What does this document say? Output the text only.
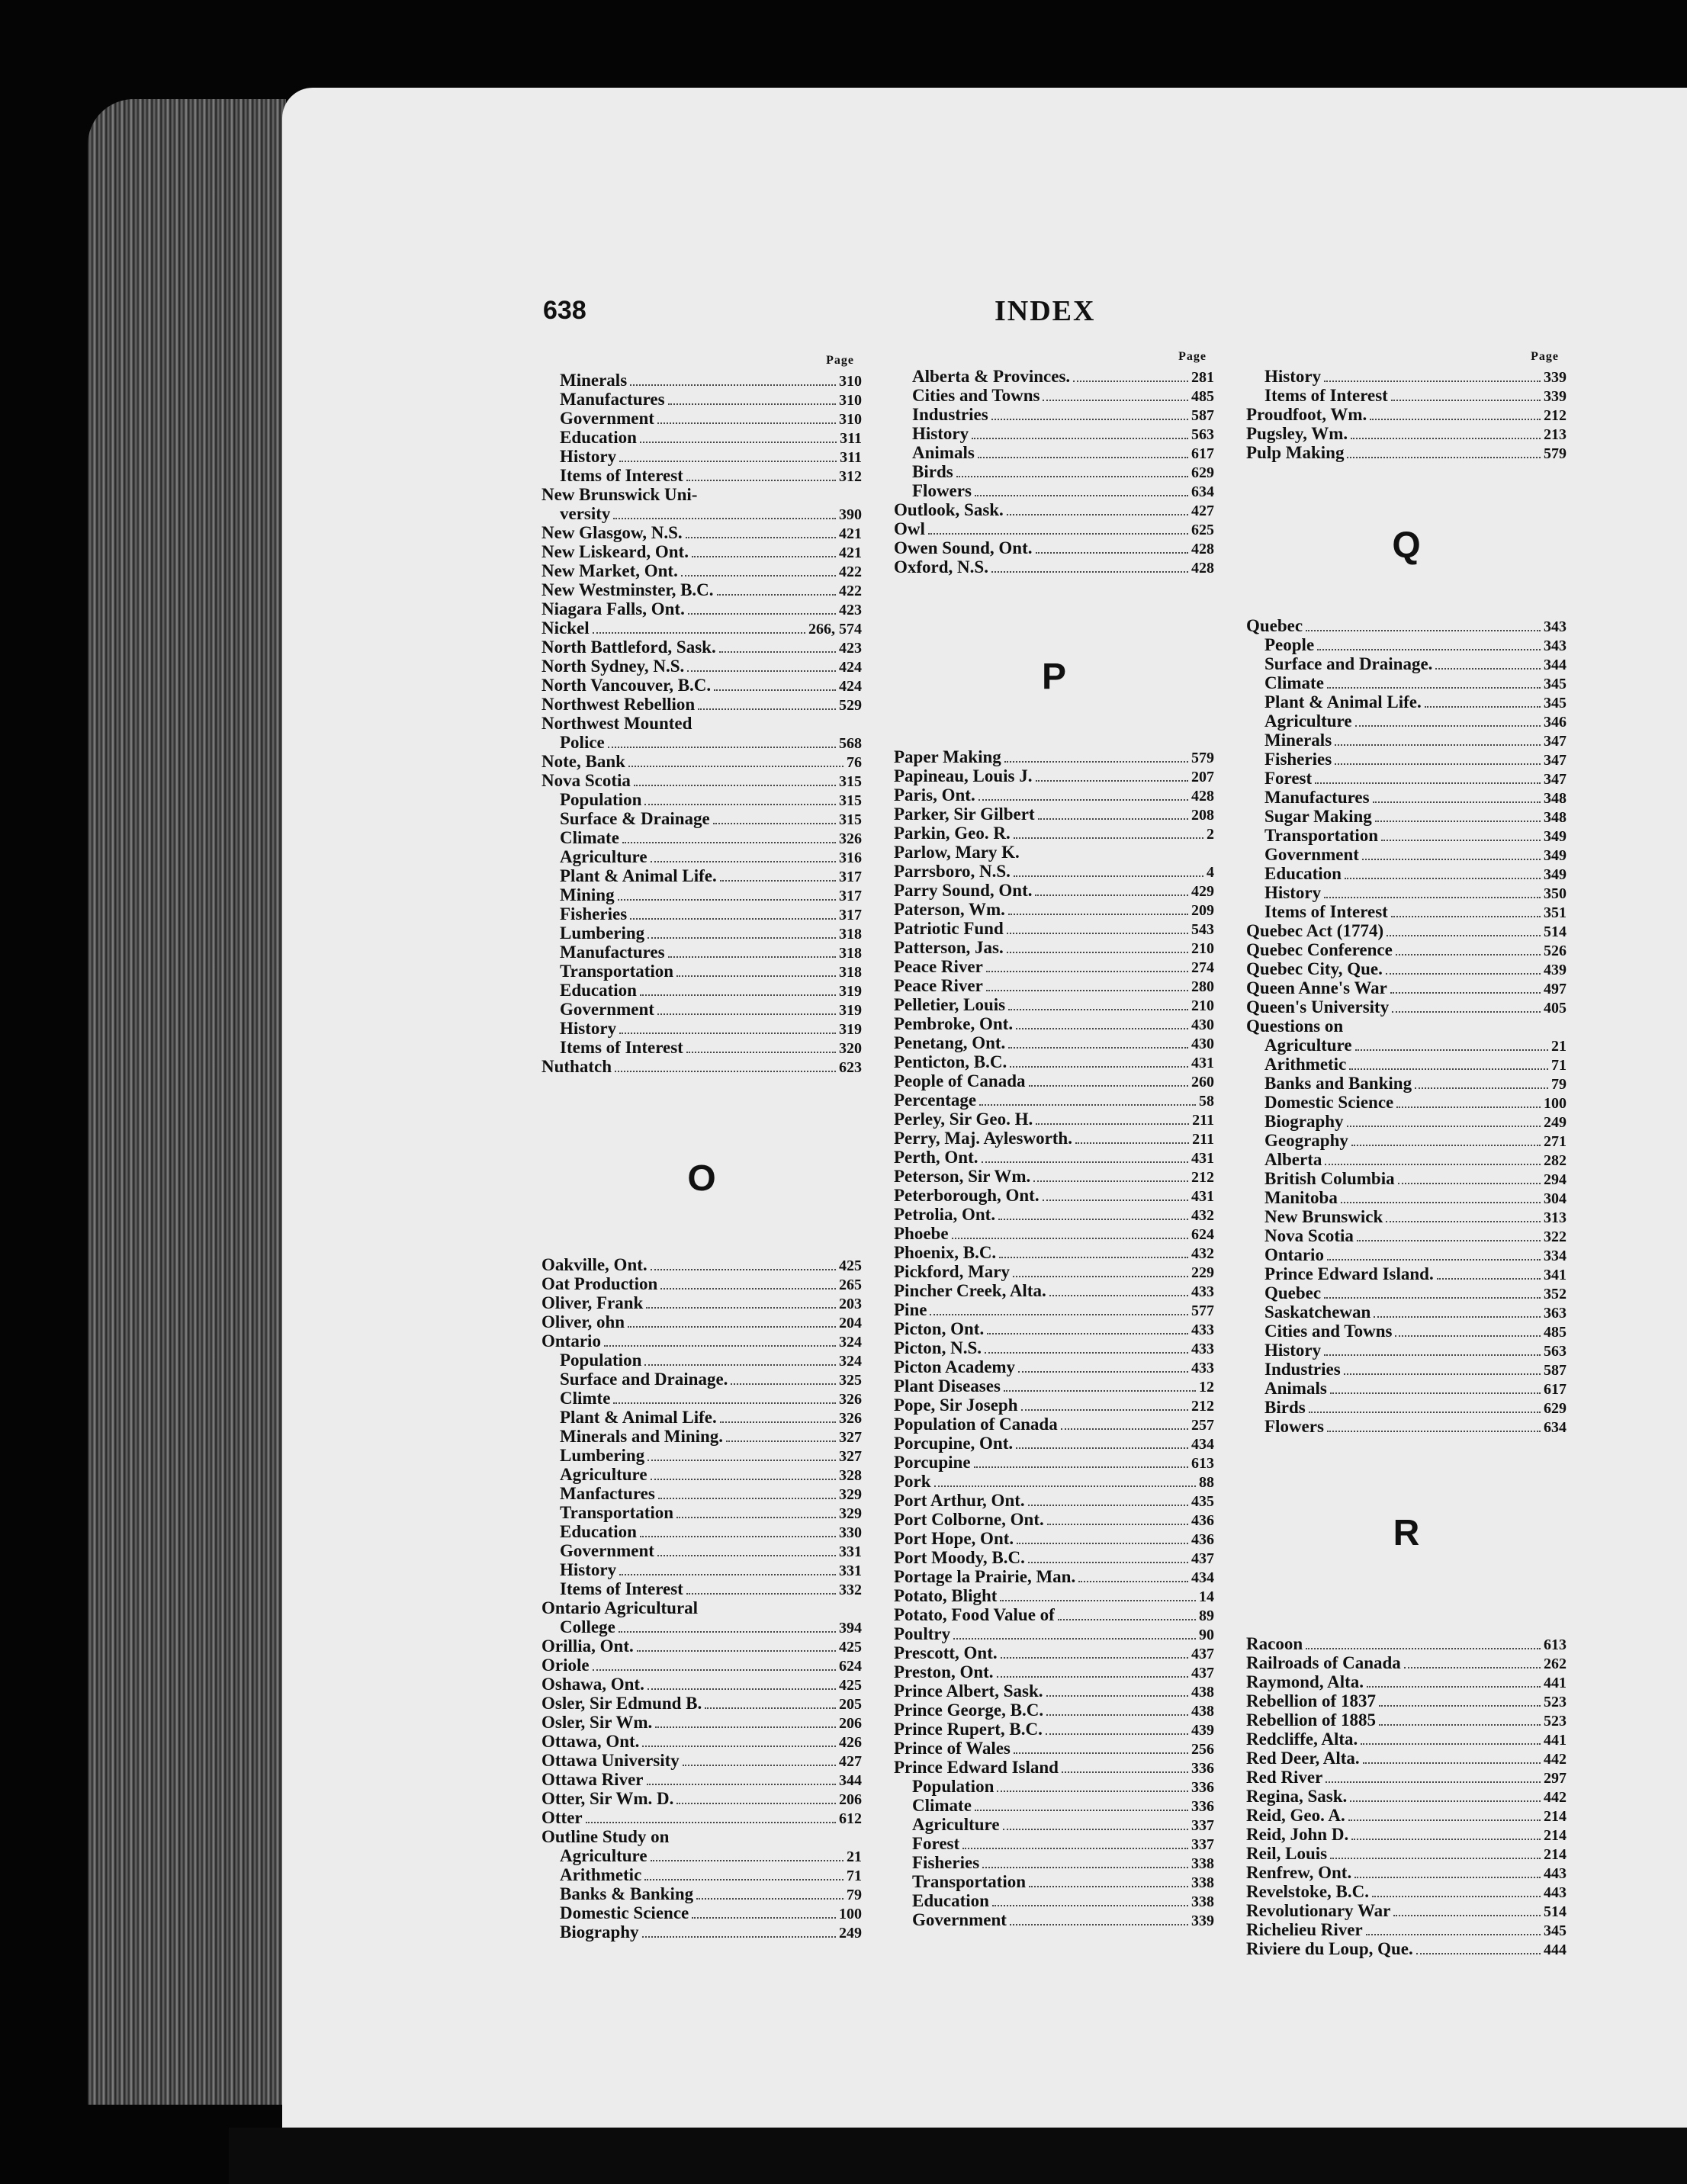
638	INDEX
Page
Minerals	310
Manufactures	310
Government	310
Education	311
History	311
Items of Interest	312
New Brunswick Uni-
versity	390
New Glasgow, N.S.	421
New Liskeard, Ont.	421
New Market, Ont.	422
New Westminster, B.C.	422
Niagara Falls, Ont.	423
Nickel	266, 574
North Battleford, Sask.	423
North Sydney, N.S.	424
North Vancouver, B.C.	424
Northwest Rebellion	529
Northwest Mounted
Police	568
Note, Bank	76
Nova Scotia	315
Population	315
Surface & Drainage	315
Climate	326
Agriculture	316
Plant & Animal Life.	317
Mining	317
Fisheries	317
Lumbering	318
Manufactures	318
Transportation	318
Education	319
Government	319
History	319
Items of Interest	320
Nuthatch	623
O
Oakville, Ont.	425
Oat Production	265
Oliver, Frank	203
Oliver, ohn	204
Ontario	324
Population	324
Surface and Drainage.	325
Climte	326
Plant & Animal Life.	326
Minerals and Mining.	327
Lumbering	327
Agriculture	328
Manfactures	329
Transportation	329
Education	330
Government	331
History	331
Items of Interest	332
Ontario Agricultural
College	394
Orillia, Ont.	425
Oriole	624
Oshawa, Ont.	425
Osler, Sir Edmund B.	205
Osler, Sir Wm.	206
Ottawa, Ont.	426
Ottawa University	427
Ottawa River	344
Otter, Sir Wm. D.	206
Otter	612
Outline Study on
Agriculture	21
Arithmetic	71
Banks & Banking	79
Domestic Science	100
Biography	249
Page
Alberta & Provinces.	281
Cities and Towns	485
Industries	587
History	563
Animals	617
Birds	629
Flowers	634
Outlook, Sask.	427
Owl	625
Owen Sound, Ont.	428
Oxford, N.S.	428
P
Paper Making	579
Papineau, Louis J.	207
Paris, Ont.	428
Parker, Sir Gilbert	208
Parkin, Geo. R.	2
Parlow, Mary K.
Parrsboro, N.S.	4
Parry Sound, Ont.	429
Paterson, Wm.	209
Patriotic Fund	543
Patterson, Jas.	210
Peace River	274
Peace River	280
Pelletier, Louis	210
Pembroke, Ont.	430
Penetang, Ont.	430
Penticton, B.C.	431
People of Canada	260
Percentage	58
Perley, Sir Geo. H.	211
Perry, Maj. Aylesworth.	211
Perth, Ont.	431
Peterson, Sir Wm.	212
Peterborough, Ont.	431
Petrolia, Ont.	432
Phoebe	624
Phoenix, B.C.	432
Pickford, Mary	229
Pincher Creek, Alta.	433
Pine	577
Picton, Ont.	433
Picton, N.S.	433
Picton Academy	433
Plant Diseases	12
Pope, Sir Joseph	212
Population of Canada	257
Porcupine, Ont.	434
Porcupine	613
Pork	88
Port Arthur, Ont.	435
Port Colborne, Ont.	436
Port Hope, Ont.	436
Port Moody, B.C.	437
Portage la Prairie, Man.	434
Potato, Blight	14
Potato, Food Value of	89
Poultry	90
Prescott, Ont.	437
Preston, Ont.	437
Prince Albert, Sask.	438
Prince George, B.C.	438
Prince Rupert, B.C.	439
Prince of Wales	256
Prince Edward Island	336
Population	336
Climate	336
Agriculture	337
Forest	337
Fisheries	338
Transportation	338
Education	338
Government	339
Page
History	339
Items of Interest	339
Proudfoot, Wm.	212
Pugsley, Wm.	213
Pulp Making	579
Q
Quebec	343
People	343
Surface and Drainage.	344
Climate	345
Plant & Animal Life.	345
Agriculture	346
Minerals	347
Fisheries	347
Forest	347
Manufactures	348
Sugar Making	348
Transportation	349
Government	349
Education	349
History	350
Items of Interest	351
Quebec Act (1774)	514
Quebec Conference	526
Quebec City, Que.	439
Queen Anne's War	497
Queen's University	405
Questions on
Agriculture	21
Arithmetic	71
Banks and Banking	79
Domestic Science	100
Biography	249
Geography	271
Alberta	282
British Columbia	294
Manitoba	304
New Brunswick	313
Nova Scotia	322
Ontario	334
Prince Edward Island.	341
Quebec	352
Saskatchewan	363
Cities and Towns	485
History	563
Industries	587
Animals	617
Birds	629
Flowers	634
R
Racoon	613
Railroads of Canada	262
Raymond, Alta.	441
Rebellion of 1837	523
Rebellion of 1885	523
Redcliffe, Alta.	441
Red Deer, Alta.	442
Red River	297
Regina, Sask.	442
Reid, Geo. A.	214
Reid, John D.	214
Reil, Louis	214
Renfrew, Ont.	443
Revelstoke, B.C.	443
Revolutionary War	514
Richelieu River	345
Riviere du Loup, Que.	444
